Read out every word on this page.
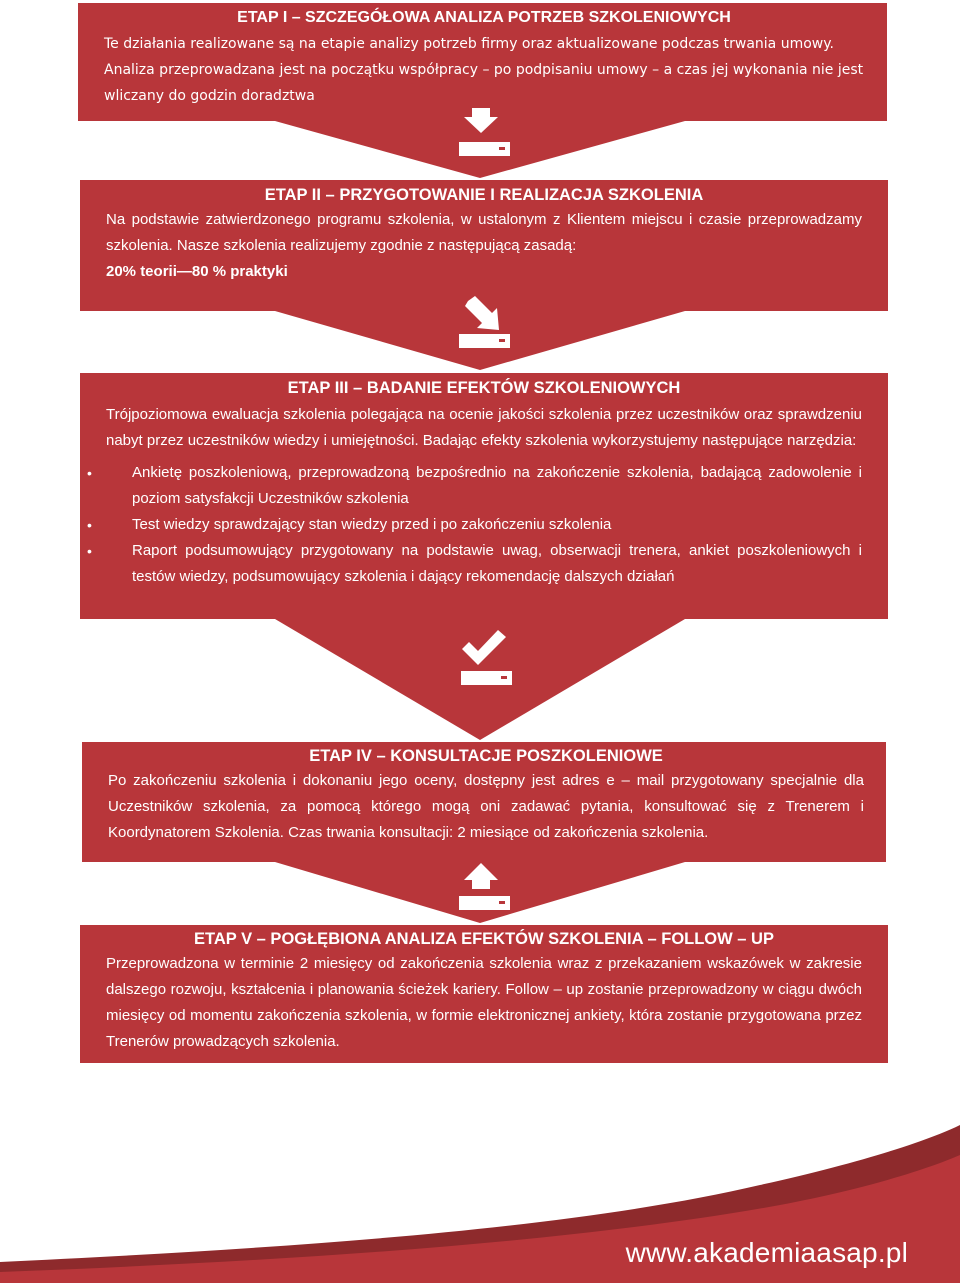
ETAP I – SZCZEGÓŁOWA ANALIZA POTRZEB SZKOLENIOWYCH

Te działania realizowane są na etapie analizy potrzeb firmy oraz aktualizowane podczas trwania umowy. Analiza przeprowadzana jest na początku współpracy – po podpisaniu umowy – a czas jej wykonania nie jest wliczany do godzin doradztwa

ETAP II – PRZYGOTOWANIE I REALIZACJA SZKOLENIA

Na podstawie zatwierdzonego programu szkolenia, w ustalonym z Klientem miejscu i czasie przeprowadzamy szkolenia. Nasze szkolenia realizujemy zgodnie z następującą zasadą:

20% teorii—80 % praktyki

ETAP III – BADANIE EFEKTÓW SZKOLENIOWYCH

Trójpoziomowa ewaluacja szkolenia polegająca na ocenie jakości szkolenia przez uczestników oraz sprawdzeniu nabyt przez uczestników wiedzy i umiejętności. Badając efekty szkolenia wykorzystujemy następujące narzędzia:

• Ankietę poszkoleniową, przeprowadzoną bezpośrednio na zakończenie szkolenia, badającą zadowolenie i poziom satysfakcji Uczestników szkolenia
• Test wiedzy sprawdzający stan wiedzy przed i po zakończeniu szkolenia
• Raport podsumowujący przygotowany na podstawie uwag, obserwacji trenera, ankiet poszkoleniowych i testów wiedzy, podsumowujący szkolenia i dający rekomendację dalszych działań
ETAP IV – KONSULTACJE POSZKOLENIOWE

Po zakończeniu szkolenia i dokonaniu jego oceny, dostępny jest adres e – mail przygotowany specjalnie dla Uczestników szkolenia, za pomocą którego mogą oni zadawać pytania, konsultować się z Trenerem i Koordynatorem Szkolenia. Czas trwania konsultacji: 2 miesiące od zakończenia szkolenia.

ETAP V – POGŁĘBIONA ANALIZA EFEKTÓW SZKOLENIA – FOLLOW – UP

Przeprowadzona w terminie 2 miesięcy od zakończenia szkolenia wraz z przekazaniem wskazówek w zakresie dalszego rozwoju, kształcenia i planowania ścieżek kariery. Follow – up zostanie przeprowadzony w ciągu dwóch miesięcy od momentu zakończenia szkolenia, w formie elektronicznej ankiety, która zostanie przygotowana przez Trenerów prowadzących szkolenia.

www.akademiaasap.pl
